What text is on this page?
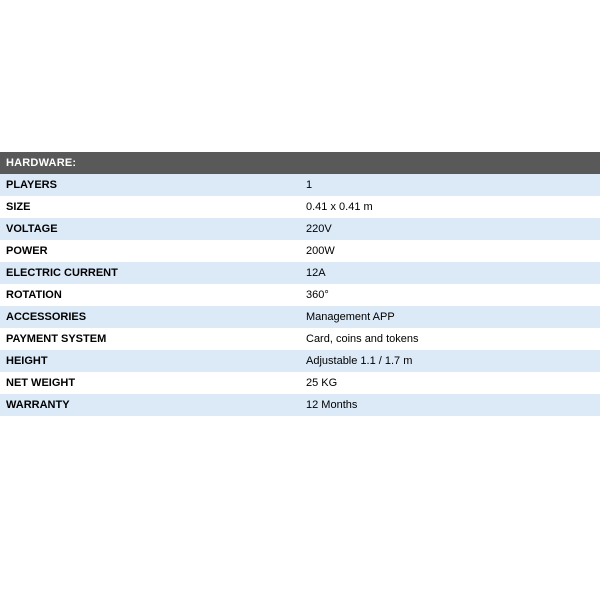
HARDWARE:	
PLAYERS	1
SIZE	0.41 x 0.41 m
VOLTAGE	220V
POWER	200W
ELECTRIC CURRENT	12A
ROTATION	360°
ACCESSORIES	Management APP
PAYMENT SYSTEM	Card, coins and tokens
HEIGHT	Adjustable 1.1 / 1.7 m
NET WEIGHT	25 KG
WARRANTY	12 Months
